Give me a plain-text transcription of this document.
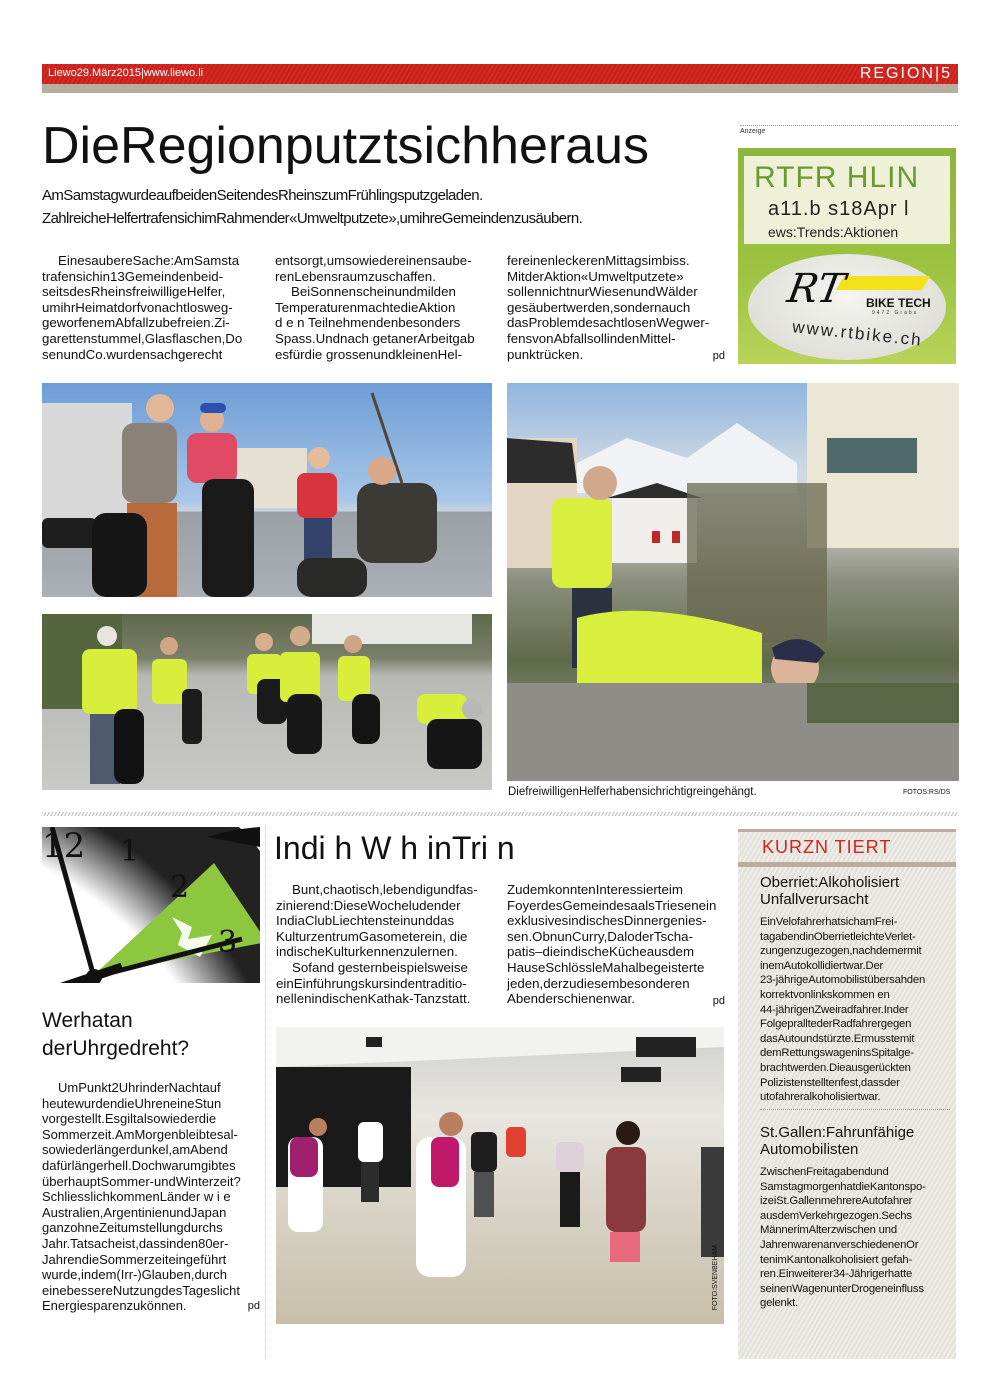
Liewo29.März2015|www.liewo.li	REGION|5
DieRegionputztsichheraus
AmSamstagwurdeaufbeidenSeitendesRheinszumFrühlingsputzgeladen.
ZahlreicheHelfertrafensichimRahmender«Umweltputzete»,umihreGemeindenzusäubern.

EinesaubereSache:AmSamsta

trafensichin13Gemeindenbeid-

seitsdesRheinsfreiwilligeHelfer,

umihrHeimatdorfvonachtlosweg-

geworfenemAbfallzubefreien.Zi-

garettenstummel,Glasflaschen,Do

senundCo.wurdensachgerecht

entsorgt,umsowiedereinensaube-

renLebensraumzuschaffen.

BeiSonnenscheinundmilden

TemperaturenmachtedieAktion

d e n Teilnehmendenbesonders

Spass.Undnach getanerArbeitgab

esfürdie grossenundkleinenHel-

fereinenleckerenMittagsimbiss.

MitderAktion«Umweltputzete»

sollennichtnurWiesenundWälder

gesäubertwerden,sondernauch

dasProblemdesachtlosenWegwer-

fensvonAbfallsollindenMittel-

punktrücken.	pd
Anzeige
RTFR HLIN
a11.b s18Apr l
ews:Trends:Aktionen
RT BIKE TECH
9472 Grabs
www.rtbike.ch
DiefreiwilligenHelferhabensichrichtigreingehängt.	FOTOS:RS/DS
12 1
2
3
Werhatan
derUhrgedreht?

UmPunkt2UhrinderNachtauf

heutewurdendieUhreneineStun

vorgestellt.Esgiltalsowiederdie

Sommerzeit.AmMorgenbleibtesal-

sowiederlängerdunkel,amAbend

dafürlängerhell.Dochwarumgibtes

überhauptSommer-undWinterzeit?

SchliesslichkommenLänder w i e

Australien,ArgentinienundJapan

ganzohneZeitumstellungdurchs

Jahr.Tatsacheist,dassinden80er-

JahrendieSommerzeiteingeführt

wurde,indem(Irr-)Glauben,durch

einebessereNutzungdesTageslicht

Energiesparenzukönnen.	pd
Indi h W h inTri n

Bunt,chaotisch,lebendigundfas-

zinierend:DieseWocheludender

IndiaClubLiechtensteinunddas

KulturzentrumGasometerein, die

indischeKulturkennenzulernen.

Sofand gesternbeispielsweise

einEinführungskursindentraditio-

nellenindischenKathak-Tanzstatt.

ZudemkonntenInteressierteim

FoyerdesGemeindesaalsTriesenein

exklusivesindischesDinnergenies-

sen.ObnunCurry,DaloderTscha-

patis–dieindischeKücheausdem

HauseSchlössleMahalbegeisterte

jeden,derzudiesembesonderen

Abenderschienenwar.	pd
FOTO:SVENBEHAM
KURZN TIERT

Oberriet:Alkoholisiert

Unfallverursacht

EinVelofahrerhatsichamFrei-

tagabendinOberrietleichteVerlet-

zungenzugezogen,nachdemermit

inemAutokollidiertwar.Der

23-jährigeAutomobilistübersahden

korrektvonlinkskommen en

44-jährigenZweiradfahrer.Inder

FolgepralltederRadfahrergegen

dasAutoundstürzte.Ermusstemit

demRettungswageninsSpitalge-

brachtwerden.Dieausgerückten

Polizistenstelltenfest,dassder

utofahreralkoholisiertwar.

St.Gallen:Fahrunfähige

Automobilisten

ZwischenFreitagabendund

SamstagmorgenhatdieKantonspo-

izeiSt.GallenmehrereAutofahrer

ausdemVerkehrgezogen.Sechs

MännerimAlterzwischen und

JahrenwarenanverschiedenenOr

tenimKantonalkoholisiert gefah-

ren.Einweiterer34-Jährigerhatte

seinenWagenunterDrogeneinfluss

gelenkt.
